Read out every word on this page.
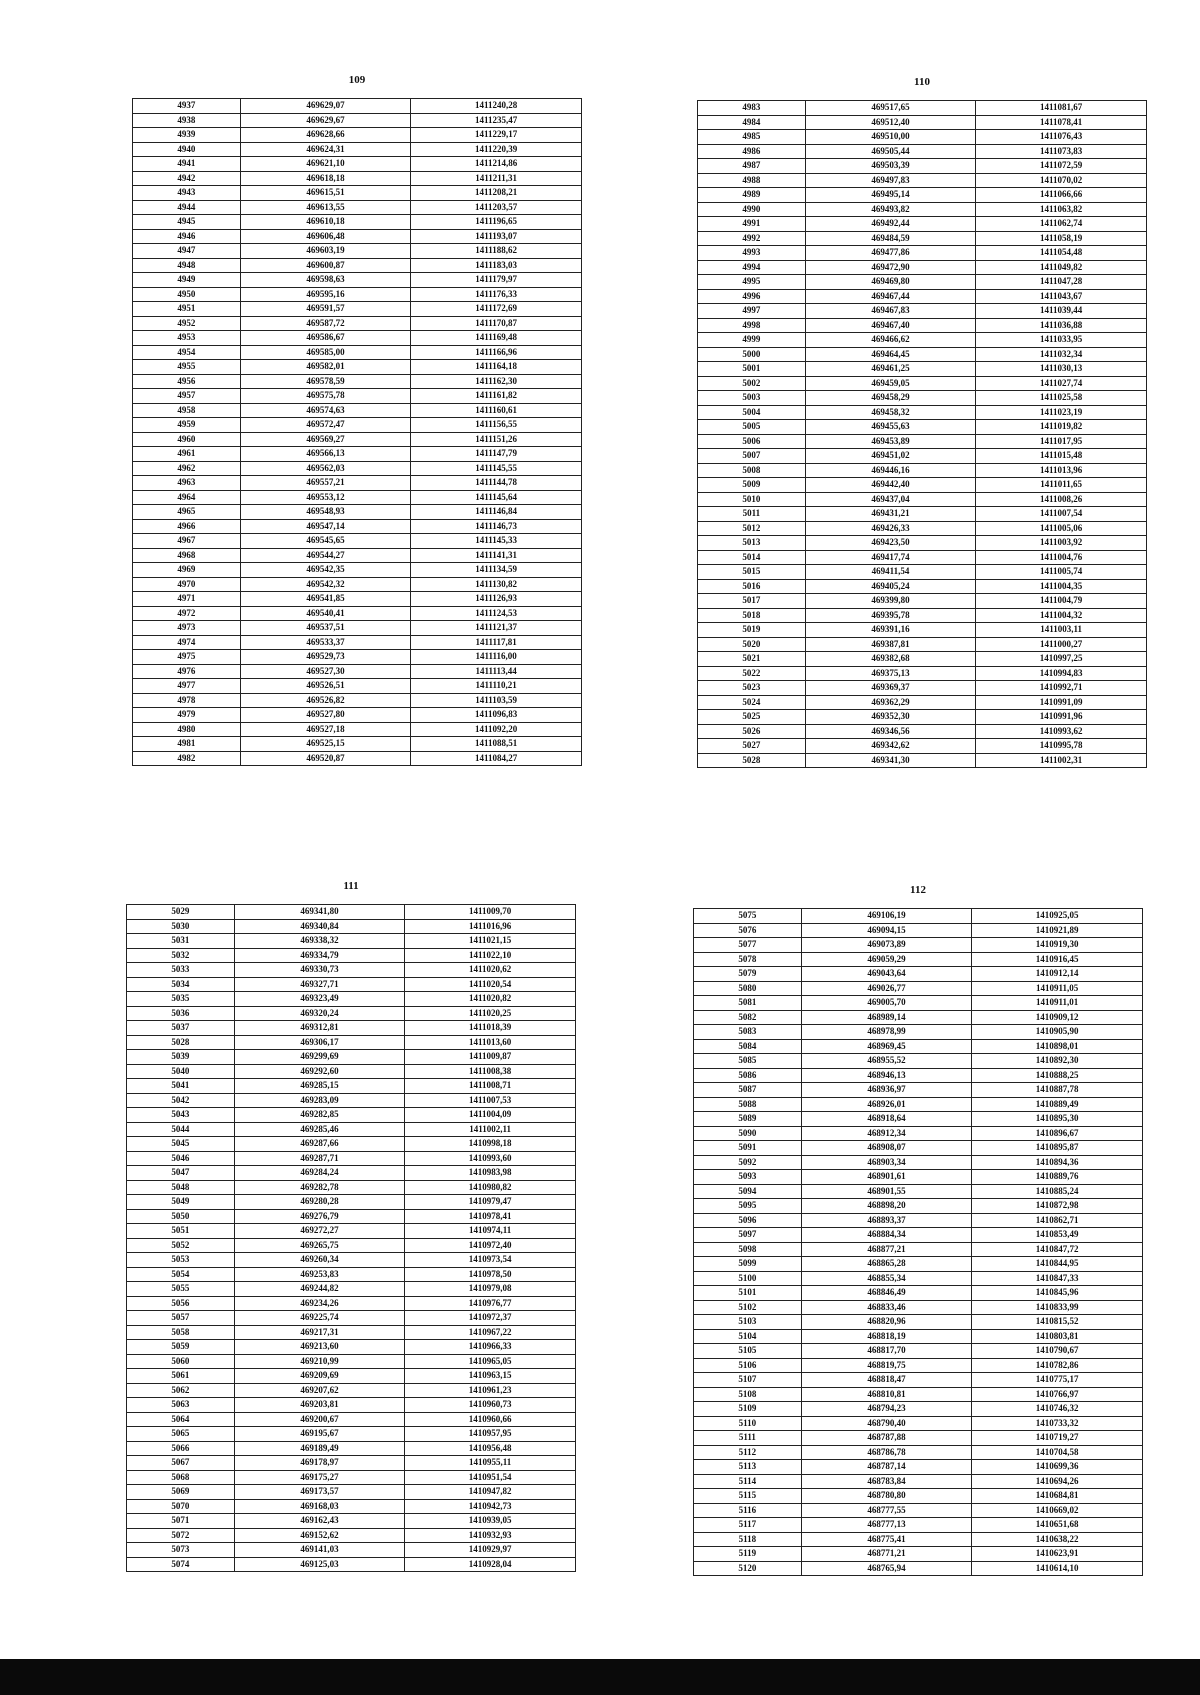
109
4937	469629,07	1411240,28
4938	469629,67	1411235,47
4939	469628,66	1411229,17
4940	469624,31	1411220,39
4941	469621,10	1411214,86
4942	469618,18	1411211,31
4943	469615,51	1411208,21
4944	469613,55	1411203,57
4945	469610,18	1411196,65
4946	469606,48	1411193,07
4947	469603,19	1411188,62
4948	469600,87	1411183,03
4949	469598,63	1411179,97
4950	469595,16	1411176,33
4951	469591,57	1411172,69
4952	469587,72	1411170,87
4953	469586,67	1411169,48
4954	469585,00	1411166,96
4955	469582,01	1411164,18
4956	469578,59	1411162,30
4957	469575,78	1411161,82
4958	469574,63	1411160,61
4959	469572,47	1411156,55
4960	469569,27	1411151,26
4961	469566,13	1411147,79
4962	469562,03	1411145,55
4963	469557,21	1411144,78
4964	469553,12	1411145,64
4965	469548,93	1411146,84
4966	469547,14	1411146,73
4967	469545,65	1411145,33
4968	469544,27	1411141,31
4969	469542,35	1411134,59
4970	469542,32	1411130,82
4971	469541,85	1411126,93
4972	469540,41	1411124,53
4973	469537,51	1411121,37
4974	469533,37	1411117,81
4975	469529,73	1411116,00
4976	469527,30	1411113,44
4977	469526,51	1411110,21
4978	469526,82	1411103,59
4979	469527,80	1411096,83
4980	469527,18	1411092,20
4981	469525,15	1411088,51
4982	469520,87	1411084,27
110
4983	469517,65	1411081,67
4984	469512,40	1411078,41
4985	469510,00	1411076,43
4986	469505,44	1411073,83
4987	469503,39	1411072,59
4988	469497,83	1411070,02
4989	469495,14	1411066,66
4990	469493,82	1411063,82
4991	469492,44	1411062,74
4992	469484,59	1411058,19
4993	469477,86	1411054,48
4994	469472,90	1411049,82
4995	469469,80	1411047,28
4996	469467,44	1411043,67
4997	469467,83	1411039,44
4998	469467,40	1411036,88
4999	469466,62	1411033,95
5000	469464,45	1411032,34
5001	469461,25	1411030,13
5002	469459,05	1411027,74
5003	469458,29	1411025,58
5004	469458,32	1411023,19
5005	469455,63	1411019,82
5006	469453,89	1411017,95
5007	469451,02	1411015,48
5008	469446,16	1411013,96
5009	469442,40	1411011,65
5010	469437,04	1411008,26
5011	469431,21	1411007,54
5012	469426,33	1411005,06
5013	469423,50	1411003,92
5014	469417,74	1411004,76
5015	469411,54	1411005,74
5016	469405,24	1411004,35
5017	469399,80	1411004,79
5018	469395,78	1411004,32
5019	469391,16	1411003,11
5020	469387,81	1411000,27
5021	469382,68	1410997,25
5022	469375,13	1410994,83
5023	469369,37	1410992,71
5024	469362,29	1410991,09
5025	469352,30	1410991,96
5026	469346,56	1410993,62
5027	469342,62	1410995,78
5028	469341,30	1411002,31
111
5029	469341,80	1411009,70
5030	469340,84	1411016,96
5031	469338,32	1411021,15
5032	469334,79	1411022,10
5033	469330,73	1411020,62
5034	469327,71	1411020,54
5035	469323,49	1411020,82
5036	469320,24	1411020,25
5037	469312,81	1411018,39
5028	469306,17	1411013,60
5039	469299,69	1411009,87
5040	469292,60	1411008,38
5041	469285,15	1411008,71
5042	469283,09	1411007,53
5043	469282,85	1411004,09
5044	469285,46	1411002,11
5045	469287,66	1410998,18
5046	469287,71	1410993,60
5047	469284,24	1410983,98
5048	469282,78	1410980,82
5049	469280,28	1410979,47
5050	469276,79	1410978,41
5051	469272,27	1410974,11
5052	469265,75	1410972,40
5053	469260,34	1410973,54
5054	469253,83	1410978,50
5055	469244,82	1410979,08
5056	469234,26	1410976,77
5057	469225,74	1410972,37
5058	469217,31	1410967,22
5059	469213,60	1410966,33
5060	469210,99	1410965,05
5061	469209,69	1410963,15
5062	469207,62	1410961,23
5063	469203,81	1410960,73
5064	469200,67	1410960,66
5065	469195,67	1410957,95
5066	469189,49	1410956,48
5067	469178,97	1410955,11
5068	469175,27	1410951,54
5069	469173,57	1410947,82
5070	469168,03	1410942,73
5071	469162,43	1410939,05
5072	469152,62	1410932,93
5073	469141,03	1410929,97
5074	469125,03	1410928,04
112
5075	469106,19	1410925,05
5076	469094,15	1410921,89
5077	469073,89	1410919,30
5078	469059,29	1410916,45
5079	469043,64	1410912,14
5080	469026,77	1410911,05
5081	469005,70	1410911,01
5082	468989,14	1410909,12
5083	468978,99	1410905,90
5084	468969,45	1410898,01
5085	468955,52	1410892,30
5086	468946,13	1410888,25
5087	468936,97	1410887,78
5088	468926,01	1410889,49
5089	468918,64	1410895,30
5090	468912,34	1410896,67
5091	468908,07	1410895,87
5092	468903,34	1410894,36
5093	468901,61	1410889,76
5094	468901,55	1410885,24
5095	468898,20	1410872,98
5096	468893,37	1410862,71
5097	468884,34	1410853,49
5098	468877,21	1410847,72
5099	468865,28	1410844,95
5100	468855,34	1410847,33
5101	468846,49	1410845,96
5102	468833,46	1410833,99
5103	468820,96	1410815,52
5104	468818,19	1410803,81
5105	468817,70	1410790,67
5106	468819,75	1410782,86
5107	468818,47	1410775,17
5108	468810,81	1410766,97
5109	468794,23	1410746,32
5110	468790,40	1410733,32
5111	468787,88	1410719,27
5112	468786,78	1410704,58
5113	468787,14	1410699,36
5114	468783,84	1410694,26
5115	468780,80	1410684,81
5116	468777,55	1410669,02
5117	468777,13	1410651,68
5118	468775,41	1410638,22
5119	468771,21	1410623,91
5120	468765,94	1410614,10
